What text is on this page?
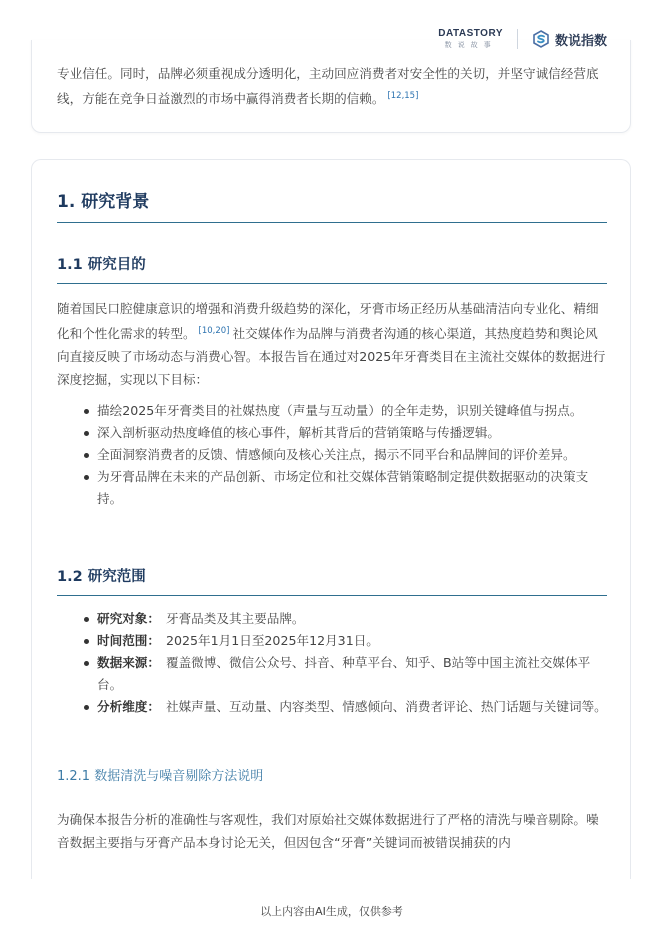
DATASTORY
数说故事	数说指数

专业信任。同时，品牌必须重视成分透明化，主动回应消费者对安全性的关切，并坚守诚信经营底线，方能在竞争日益激烈的市场中赢得消费者长期的信赖。 [12,15]

1. 研究背景
1.1 研究目的

随着国民口腔健康意识的增强和消费升级趋势的深化，牙膏市场正经历从基础清洁向专业化、精细化和个性化需求的转型。 [10,20] 社交媒体作为品牌与消费者沟通的核心渠道，其热度趋势和舆论风向直接反映了市场动态与消费心智。本报告旨在通过对2025年牙膏类目在主流社交媒体的数据进行深度挖掘，实现以下目标：

描绘2025年牙膏类目的社媒热度（声量与互动量）的全年走势，识别关键峰值与拐点。
深入剖析驱动热度峰值的核心事件，解析其背后的营销策略与传播逻辑。
全面洞察消费者的反馈、情感倾向及核心关注点，揭示不同平台和品牌间的评价差异。
为牙膏品牌在未来的产品创新、市场定位和社交媒体营销策略制定提供数据驱动的决策支持。
1.2 研究范围
研究对象： 牙膏品类及其主要品牌。
时间范围： 2025年1月1日至2025年12月31日。
数据来源： 覆盖微博、微信公众号、抖音、种草平台、知乎、B站等中国主流社交媒体平台。
分析维度： 社媒声量、互动量、内容类型、情感倾向、消费者评论、热门话题与关键词等。
1.2.1 数据清洗与噪音剔除方法说明

为确保本报告分析的准确性与客观性，我们对原始社交媒体数据进行了严格的清洗与噪音剔除。噪音数据主要指与牙膏产品本身讨论无关，但因包含“牙膏”关键词而被错误捕获的内

以上内容由AI生成，仅供参考
